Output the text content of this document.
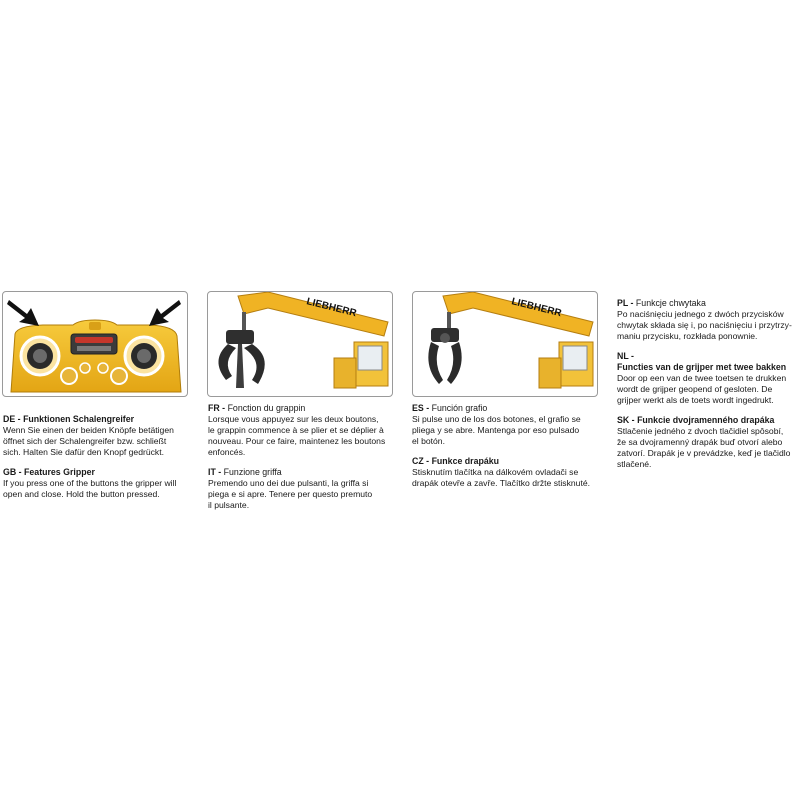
LIEBHERR	LIEBHERR
DE - Funktionen Schalengreifer
Wenn Sie einen der beiden Knöpfe betätigen
öffnet sich der Schalengreifer bzw. schließt
sich. Halten Sie dafür den Knopf gedrückt.
GB - Features Gripper
If you press one of the buttons the gripper will
open and close. Hold the button pressed.
FR - Fonction du grappin
Lorsque vous appuyez sur les deux boutons,
le grappin commence à se plier et se déplier à
nouveau. Pour ce faire, maintenez les boutons
enfoncés.
IT - Funzione griffa
Premendo uno dei due pulsanti, la griffa si
piega e si apre. Tenere per questo premuto
il pulsante.
ES - Función grafio
Si pulse uno de los dos botones, el grafio se
pliega y se abre. Mantenga por eso pulsado
el botón.
CZ - Funkce drapáku
Stisknutím tlačítka na dálkovém ovladači se
drapák otevře a zavře. Tlačítko držte stisknuté.
PL - Funkcje chwytaka
Po naciśnięciu jednego z dwóch przycisków
chwytak składa się i, po naciśnięciu i przytrzy-
maniu przycisku, rozkłada ponownie.
NL -
Functies van de grijper met twee bakken
Door op een van de twee toetsen te drukken
wordt de grijper geopend of gesloten. De
grijper werkt als de toets wordt ingedrukt.
SK - Funkcie dvojramenného drapáka
Stlačenie jedného z dvoch tlačidiel spôsobí,
že sa dvojramenný drapák buď otvorí alebo
zatvorí. Drapák je v prevádzke, keď je tlačidlo
stlačené.
